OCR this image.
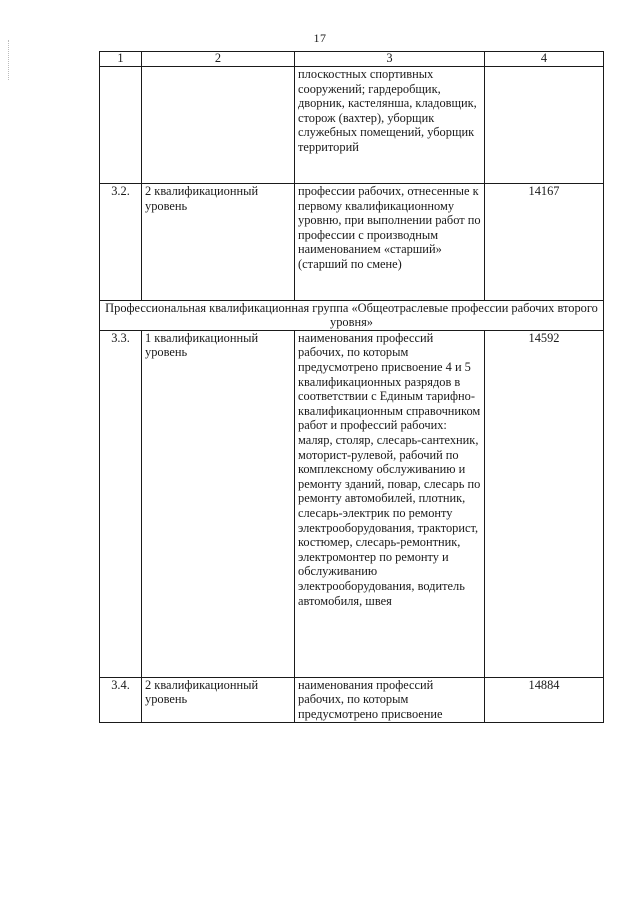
17
1	2	3	4
		плоскостных спортивных сооружений; гардеробщик, дворник, кастелянша, кладовщик, сторож (вахтер), уборщик служебных помещений, уборщик территорий	
3.2.	2 квалификационный уровень	профессии рабочих, отнесенные к первому квалификационному уровню, при выполнении работ по профессии с производным наименованием «старший» (старший по смене)	14167
Профессиональная квалификационная группа «Общеотраслевые профессии рабочих второго уровня»			
3.3.	1 квалификационный уровень	наименования профессий рабочих, по которым предусмотрено присвоение 4 и 5 квалификационных разрядов в соответствии с Единым тарифно-квалификационным справочником работ и профессий рабочих: маляр, столяр, слесарь-сантехник, моторист-рулевой, рабочий по комплексному обслуживанию и ремонту зданий, повар, слесарь по ремонту автомобилей, плотник, слесарь-электрик по ремонту электрооборудования, тракторист, костюмер, слесарь-ремонтник, электромонтер по ремонту и обслуживанию электрооборудования, водитель автомобиля, швея	14592
3.4.	2 квалификационный уровень	наименования профессий рабочих, по которым предусмотрено присвоение	14884
